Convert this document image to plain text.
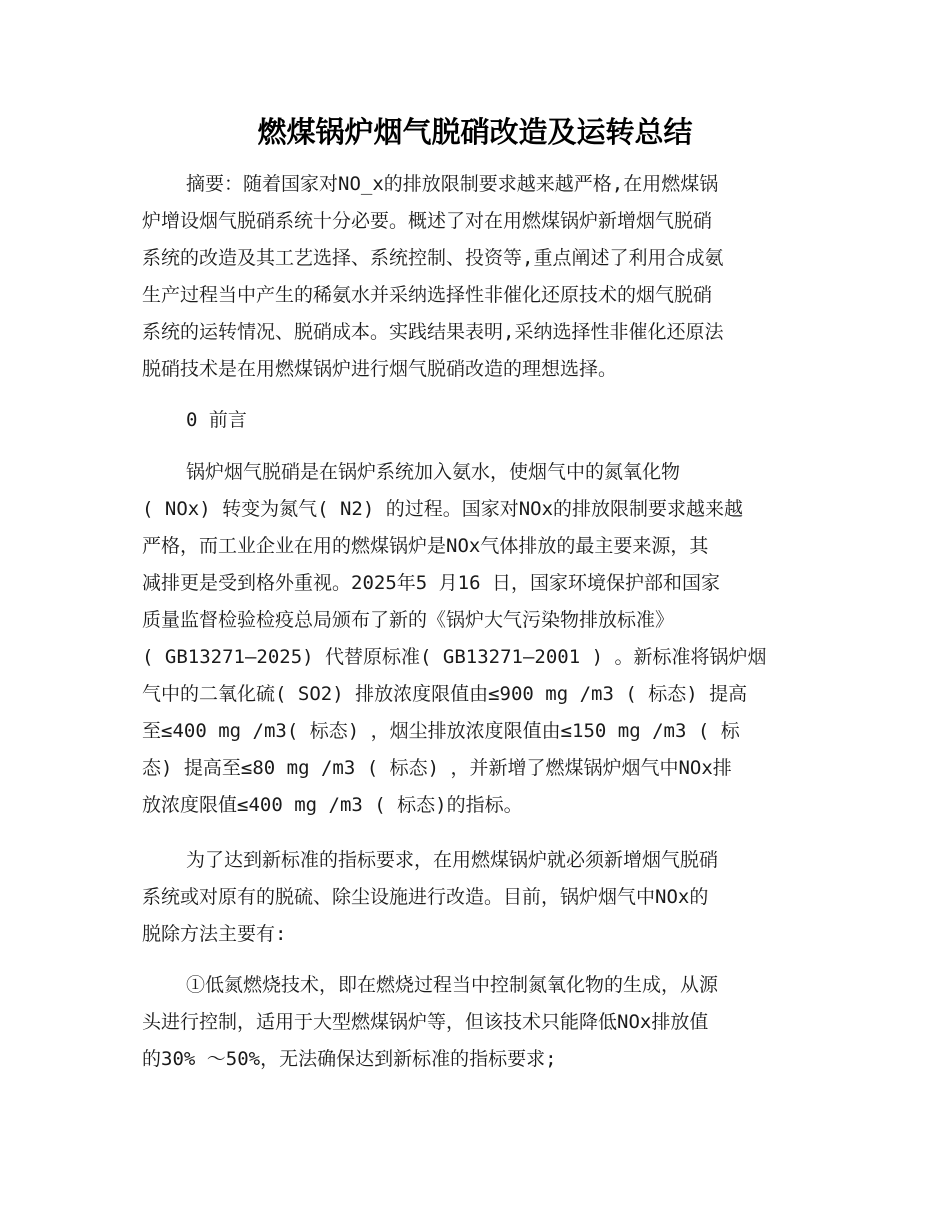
燃煤锅炉烟气脱硝改造及运转总结
摘要：随着国家对NO_x的排放限制要求越来越严格,在用燃煤锅
炉增设烟气脱硝系统十分必要。概述了对在用燃煤锅炉新增烟气脱硝
系统的改造及其工艺选择、系统控制、投资等,重点阐述了利用合成氨
生产过程当中产生的稀氨水并采纳选择性非催化还原技术的烟气脱硝
系统的运转情况、脱硝成本。实践结果表明,采纳选择性非催化还原法
脱硝技术是在用燃煤锅炉进行烟气脱硝改造的理想选择。
0 前言
锅炉烟气脱硝是在锅炉系统加入氨水，使烟气中的氮氧化物
( NOx) 转变为氮气( N2) 的过程。国家对NOx的排放限制要求越来越
严格，而工业企业在用的燃煤锅炉是NOx气体排放的最主要来源，其
减排更是受到格外重视。2025年5 月16 日，国家环境保护部和国家
质量监督检验检疫总局颁布了新的《锅炉大气污染物排放标准》
( GB13271—2025) 代替原标准( GB13271—2001 ) 。新标准将锅炉烟
气中的二氧化硫( SO2) 排放浓度限值由≤900 mg /m3 ( 标态) 提高
至≤400 mg /m3( 标态) ，烟尘排放浓度限值由≤150 mg /m3 ( 标
态) 提高至≤80 mg /m3 ( 标态) ，并新增了燃煤锅炉烟气中NOx排
放浓度限值≤400 mg /m3 ( 标态)的指标。
为了达到新标准的指标要求，在用燃煤锅炉就必须新增烟气脱硝
系统或对原有的脱硫、除尘设施进行改造。目前，锅炉烟气中NOx的
脱除方法主要有:
①低氮燃烧技术，即在燃烧过程当中控制氮氧化物的生成，从源
头进行控制，适用于大型燃煤锅炉等，但该技术只能降低NOx排放值
的30% ～50%，无法确保达到新标准的指标要求;
